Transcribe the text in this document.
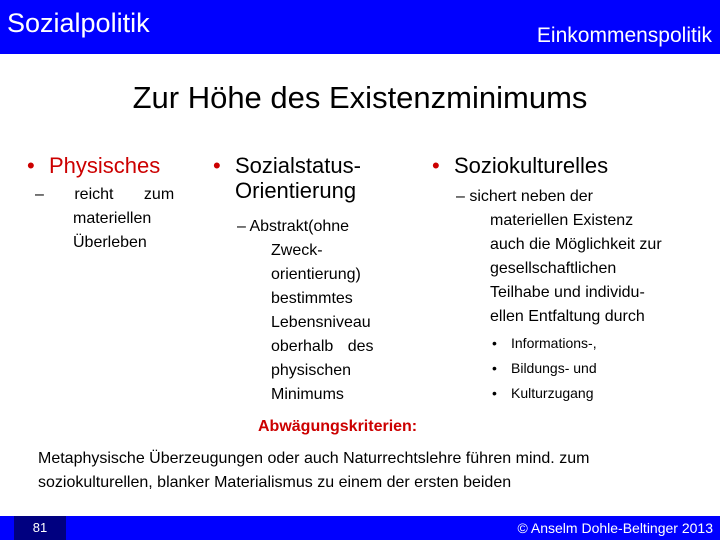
Sozialpolitik	Einkommenspolitik
Zur Höhe des Existenzminimums
• Physisches
– reicht zum
materiellen
Überleben
• Sozialstatus-
Orientierung
– Abstrakt(ohne
Zweck-
orientierung)
bestimmtes
Lebensniveau
oberhalb des
physischen
Minimums
• Soziokulturelles
– sichert neben der
materiellen Existenz
auch die Möglichkeit zur
gesellschaftlichen
Teilhabe und individu-
ellen Entfaltung durch
•	Informations-,
•	Bildungs- und
•	Kulturzugang
Abwägungskriterien:
Metaphysische Überzeugungen oder auch Naturrechtslehre führen mind. zum soziokulturellen, blanker Materialismus zu einem der ersten beiden
81	© Anselm Dohle-Beltinger 2013
